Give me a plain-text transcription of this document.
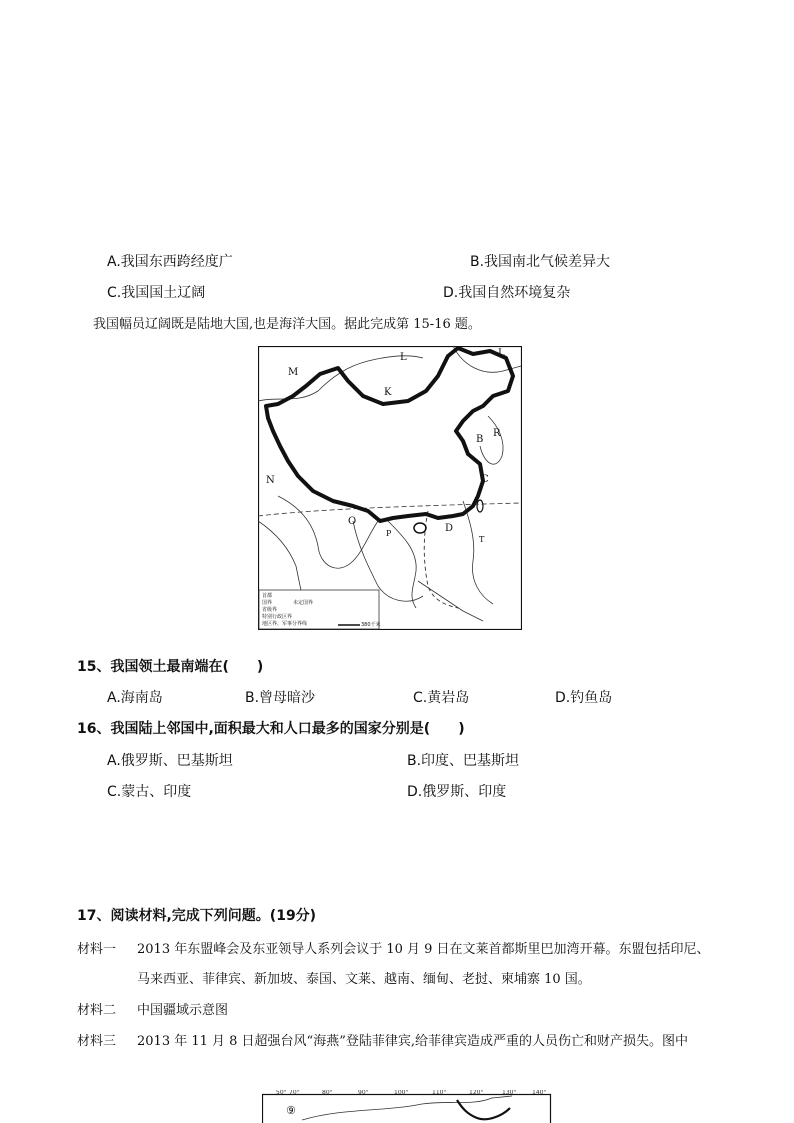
A.我国东西跨经度广	B.我国南北气候差异大
C.我国国土辽阔	D.我国自然环境复杂
我国幅员辽阔既是陆地大国,也是海洋大国。据此完成第 15-16 题。
首都
国界	未定国界
省级界
特别行政区界
地区界、军事分界线	380千米
M
L	L
K
N
B
R
C
O
D
P
T
15、我国领土最南端在(　　)
A.海南岛	B.曾母暗沙	C.黄岩岛	D.钓鱼岛
16、我国陆上邻国中,面积最大和人口最多的国家分别是(　　)
A.俄罗斯、巴基斯坦	B.印度、巴基斯坦
C.蒙古、印度	D.俄罗斯、印度
17、阅读材料,完成下列问题。(19分)
材料一 2013 年东盟峰会及东亚领导人系列会议于 10 月 9 日在文莱首都斯里巴加湾开幕。东盟包括印尼、
马来西亚、菲律宾、新加坡、泰国、文莱、越南、缅甸、老挝、柬埔寨 10 国。
材料二 中国疆域示意图
材料三 2013 年 11 月 8 日超强台风“海燕”登陆菲律宾,给菲律宾造成严重的人员伤亡和财产损失。图中
50° 70°	80°	90°	100°	110°	120°	130°	140°
⑨
